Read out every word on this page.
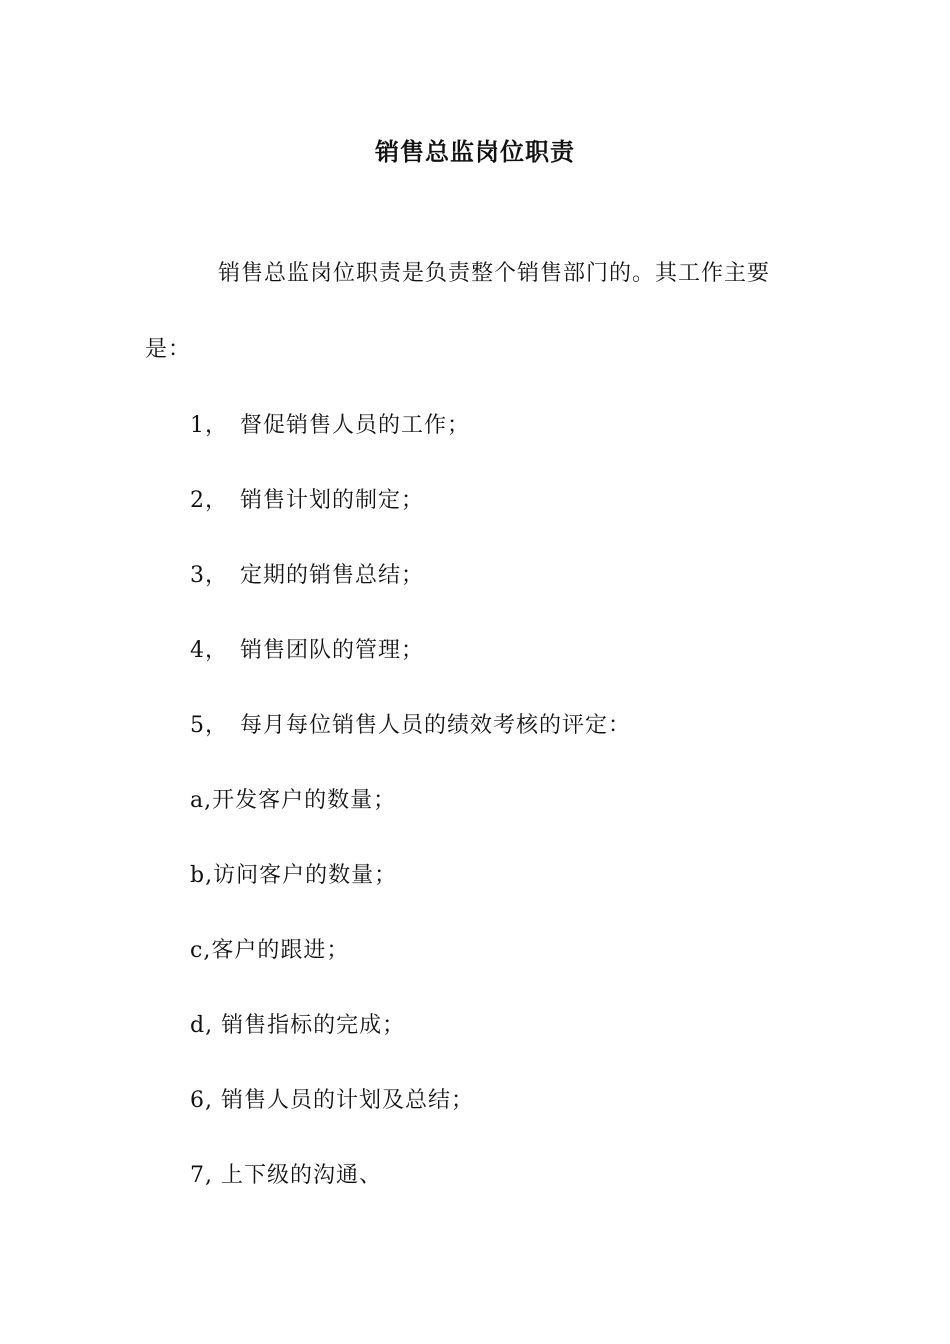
销售总监岗位职责
销售总监岗位职责是负责整个销售部门的。其工作主要
是：
1， 督促销售人员的工作；
2， 销售计划的制定；
3， 定期的销售总结；
4， 销售团队的管理；
5， 每月每位销售人员的绩效考核的评定：
a,开发客户的数量；
b,访问客户的数量；
c,客户的跟进；
d, 销售指标的完成；
6, 销售人员的计划及总结；
7, 上下级的沟通、
